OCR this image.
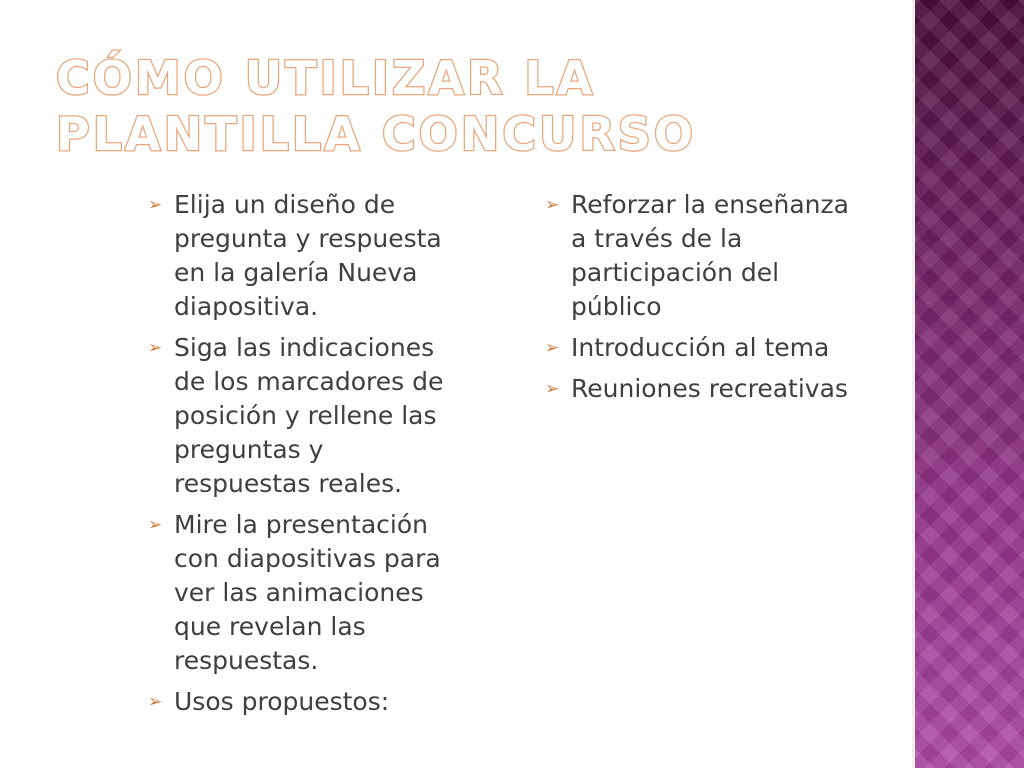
CÓMO UTILIZAR LA PLANTILLA CONCURSO
➢ Elija un diseño de pregunta y respuesta en la galería Nueva diapositiva.
➢ Siga las indicaciones de los marcadores de posición y rellene las preguntas y respuestas reales.
➢ Mire la presentación con diapositivas para ver las animaciones que revelan las respuestas.
➢ Usos propuestos:
➢ Reforzar la enseñanza a través de la participación del público
➢ Introducción al tema
➢ Reuniones recreativas
